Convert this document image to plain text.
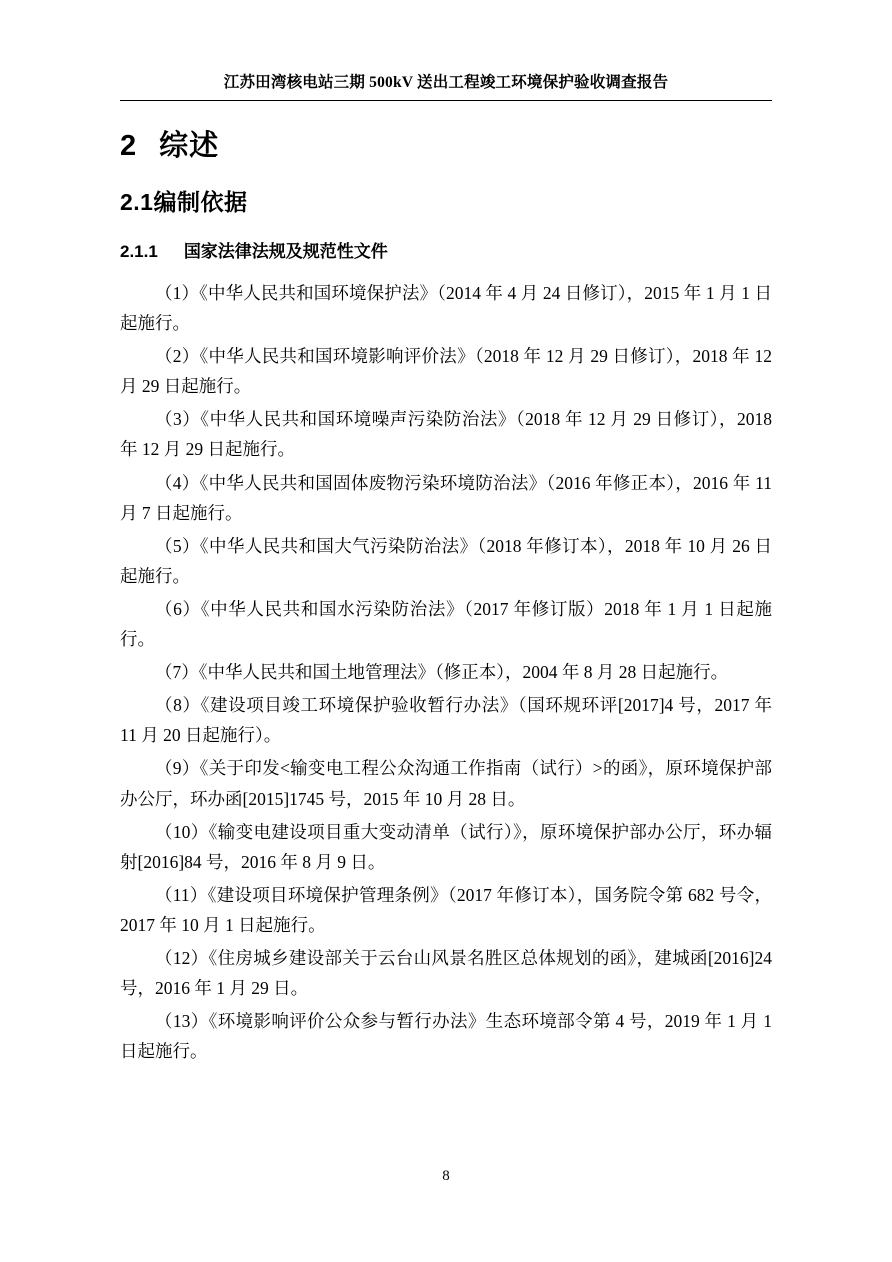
江苏田湾核电站三期 500kV 送出工程竣工环境保护验收调查报告
2 综述
2.1编制依据
2.1.1 国家法律法规及规范性文件

（1）《中华人民共和国环境保护法》（2014 年 4 月 24 日修订），2015 年 1 月 1 日起施行。

（2）《中华人民共和国环境影响评价法》（2018 年 12 月 29 日修订），2018 年 12 月 29 日起施行。

（3）《中华人民共和国环境噪声污染防治法》（2018 年 12 月 29 日修订），2018 年 12 月 29 日起施行。

（4）《中华人民共和国固体废物污染环境防治法》（2016 年修正本），2016 年 11 月 7 日起施行。

（5）《中华人民共和国大气污染防治法》（2018 年修订本），2018 年 10 月 26 日起施行。

（6）《中华人民共和国水污染防治法》（2017 年修订版）2018 年 1 月 1 日起施行。

（7）《中华人民共和国土地管理法》（修正本），2004 年 8 月 28 日起施行。

（8）《建设项目竣工环境保护验收暂行办法》（国环规环评[2017]4 号，2017 年 11 月 20 日起施行）。

（9）《关于印发<输变电工程公众沟通工作指南（试行）>的函》，原环境保护部办公厅，环办函[2015]1745 号，2015 年 10 月 28 日。

（10）《输变电建设项目重大变动清单（试行）》，原环境保护部办公厅，环办辐射[2016]84 号，2016 年 8 月 9 日。

（11）《建设项目环境保护管理条例》（2017 年修订本），国务院令第 682 号令，2017 年 10 月 1 日起施行。

（12）《住房城乡建设部关于云台山风景名胜区总体规划的函》，建城函[2016]24 号，2016 年 1 月 29 日。

（13）《环境影响评价公众参与暂行办法》生态环境部令第 4 号，2019 年 1 月 1 日起施行。

8
